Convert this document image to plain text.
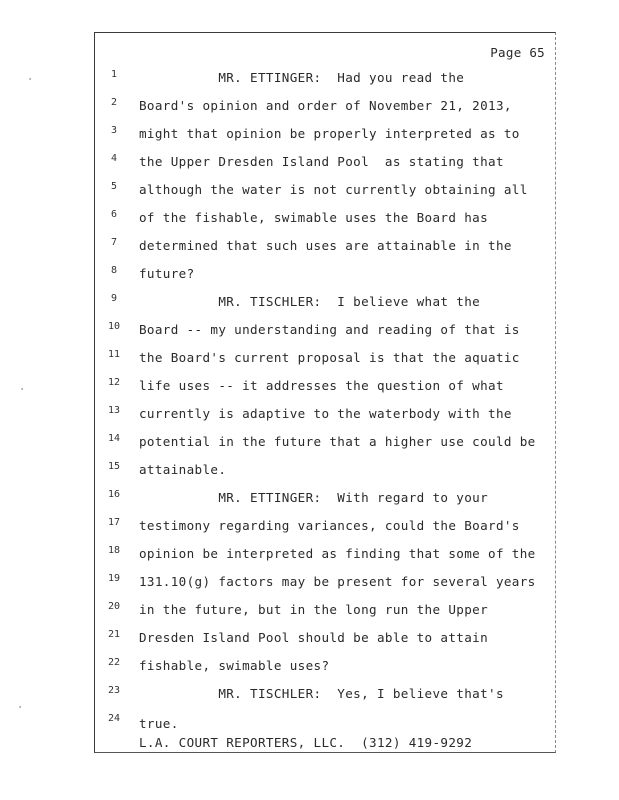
Page 65
1	MR. ETTINGER:  Had you read the
2	Board's opinion and order of November 21, 2013,
3	might that opinion be properly interpreted as to
4	the Upper Dresden Island Pool  as stating that
5	although the water is not currently obtaining all
6	of the fishable, swimable uses the Board has
7	determined that such uses are attainable in the
8	future?
9	MR. TISCHLER:  I believe what the
10 Board -- my understanding and reading of that is
11 the Board's current proposal is that the aquatic
12 life uses -- it addresses the question of what
13 currently is adaptive to the waterbody with the
14 potential in the future that a higher use could be
15 attainable.
16 MR. ETTINGER:  With regard to your
17 testimony regarding variances, could the Board's
18 opinion be interpreted as finding that some of the
19 131.10(g) factors may be present for several years
20 in the future, but in the long run the Upper
21 Dresden Island Pool should be able to attain
22 fishable, swimable uses?
23 MR. TISCHLER:  Yes, I believe that's
24 true.
L.A. COURT REPORTERS, LLC.  (312) 419-9292
·
·
·
